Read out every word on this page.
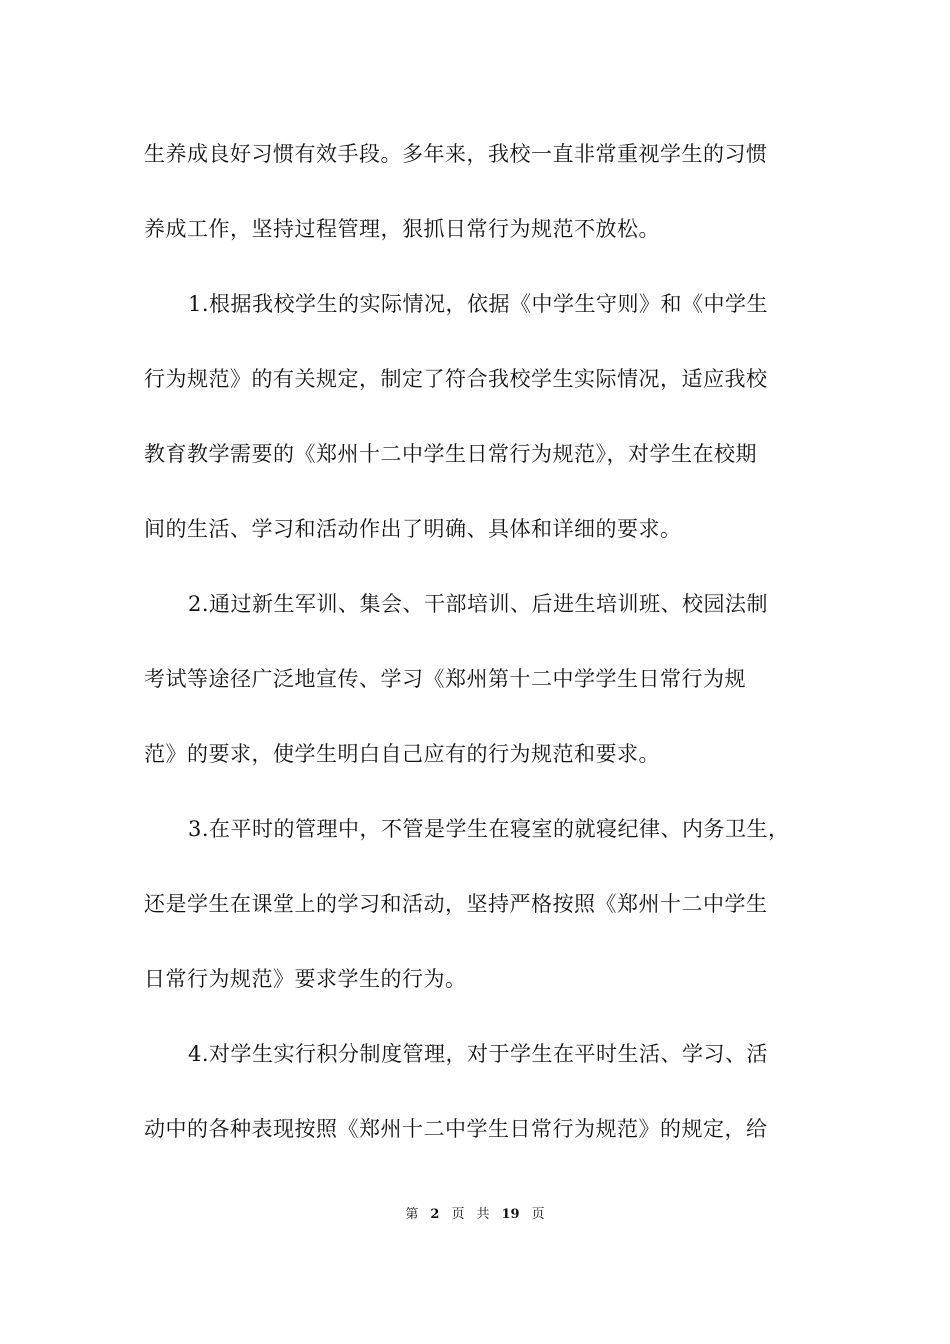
生养成良好习惯有效手段。多年来，我校一直非常重视学生的习惯
养成工作，坚持过程管理，狠抓日常行为规范不放松。
1.根据我校学生的实际情况，依据《中学生守则》和《中学生
行为规范》的有关规定，制定了符合我校学生实际情况，适应我校
教育教学需要的《郑州十二中学生日常行为规范》，对学生在校期
间的生活、学习和活动作出了明确、具体和详细的要求。
2.通过新生军训、集会、干部培训、后进生培训班、校园法制
考试等途径广泛地宣传、学习《郑州第十二中学学生日常行为规
范》的要求，使学生明白自己应有的行为规范和要求。
3.在平时的管理中，不管是学生在寝室的就寝纪律、内务卫生，
还是学生在课堂上的学习和活动，坚持严格按照《郑州十二中学生
日常行为规范》要求学生的行为。
4.对学生实行积分制度管理，对于学生在平时生活、学习、活
动中的各种表现按照《郑州十二中学生日常行为规范》的规定，给
第 2 页 共 19 页
